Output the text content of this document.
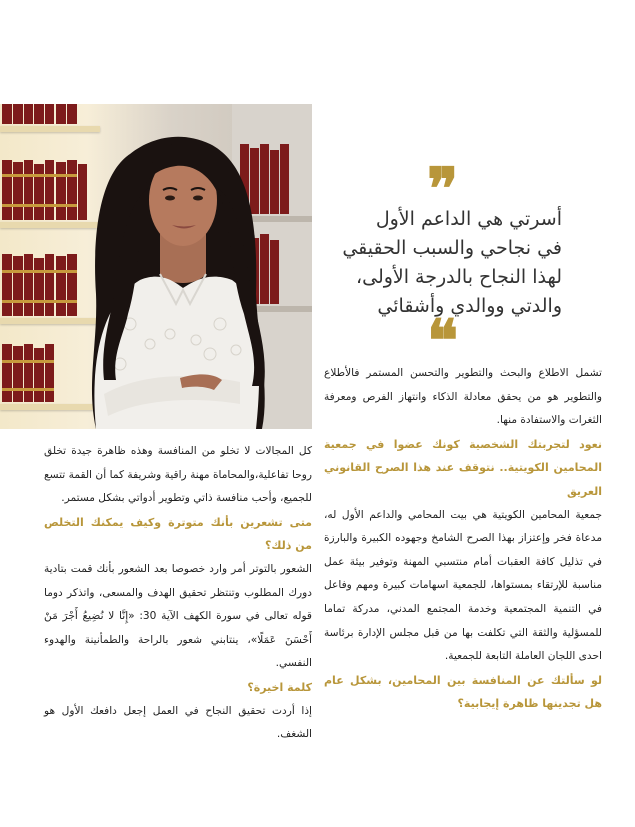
❞
أسرتي هي الداعم الأول
في نجاحي والسبب الحقيقي
لهذا النجاح بالدرجة الأولى،
والدتي ووالدي وأشقائي
❝

تشمل الاطلاع والبحث والتطوير والتحسن المستمر فالأطلاع والتطوير هو من يحقق معادلة الذكاء وانتهاز الفرص ومعرفة الثغرات والاستفادة منها.

نعود لتجربتك الشخصية كونك عضوا في جمعية المحامين الكويتية.. نتوقف عند هذا الصرح القانوني العريق

جمعية المحامين الكويتية هي بيت المحامي والداعم الأول له، مدعاة فخر وإعتزاز بهذا الصرح الشامخ وجهوده الكبيرة والبارزة في تذليل كافة العقبات أمام منتسبي المهنة وتوفير بيئة عمل مناسبة للإرتقاء بمستواها، للجمعية اسهامات كبيرة ومهم وفاعل في التنمية المجتمعية وخدمة المجتمع المدني، مدركة تماما للمسؤلية والثقة التي تكلفت بها من قبل مجلس الإدارة برئاسة احدى اللجان العاملة التابعة للجمعية.

لو سألتك عن المنافسة بين المحامين، بشكل عام هل تجدينها ظاهرة إيجابية؟

كل المجالات لا تخلو من المنافسة وهذه ظاهرة جيدة تخلق روحا تفاعلية،والمحاماة مهنة راقية وشريفة كما أن القمة تتسع للجميع، وأحب منافسة ذاتي وتطوير أدواتي بشكل مستمر.

متى تشعرين بأنك متوترة وكيف يمكنك التخلص من ذلك؟

الشعور بالتوتر أمر وارد خصوصا بعد الشعور بأنك قمت بتادية دورك المطلوب وتنتظر تحقيق الهدف والمسعى، واتذكر دوما قوله تعالى في سورة الكهف الآية 30: «إِنَّا لا نُضِيعُ أَجْرَ مَنْ أَحْسَنَ عَمَلًا»، ينتابني شعور بالراحة والطمأنينة والهدوء النفسي.

كلمة اخيرة؟

إذا أردت تحقيق النجاح في العمل إجعل دافعك الأول هو الشغف.
